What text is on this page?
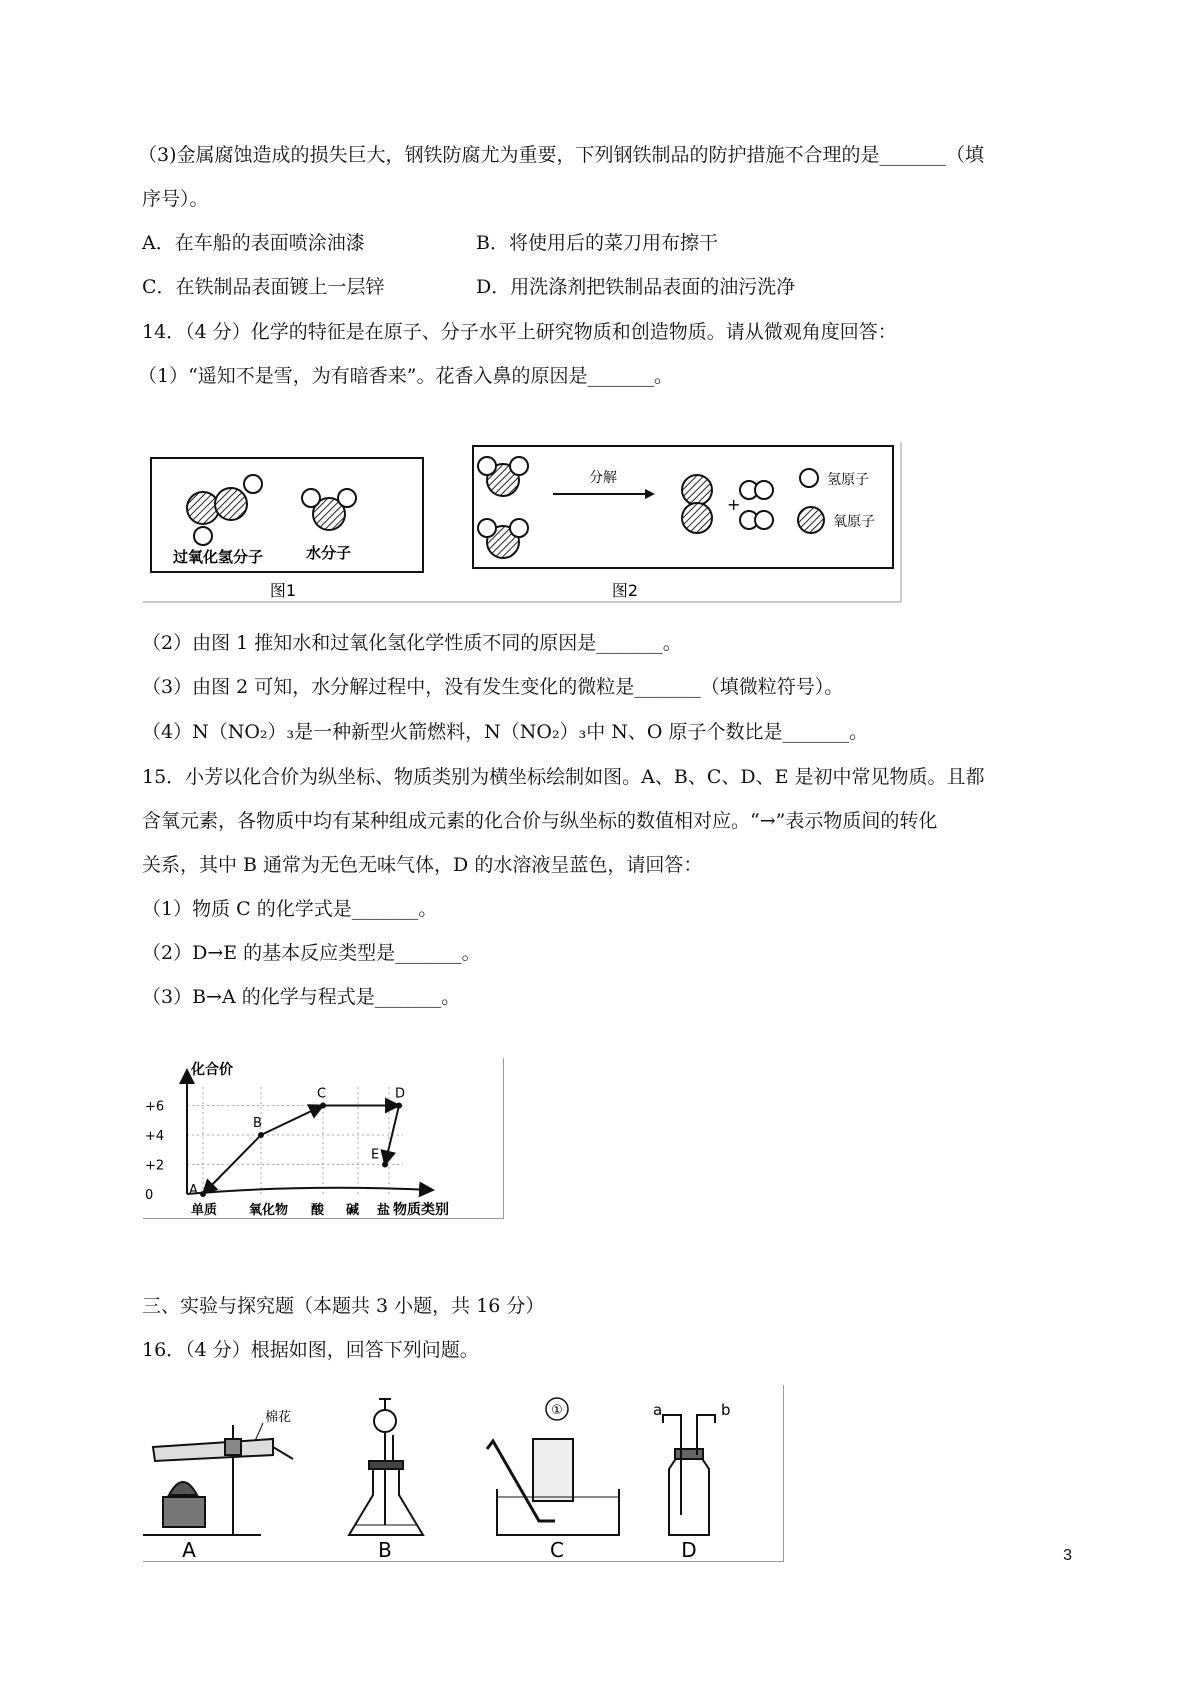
（3)金属腐蚀造成的损失巨大，钢铁防腐尤为重要，下列钢铁制品的防护措施不合理的是_______（填
序号）。
A．在车船的表面喷涂油漆	B．将使用后的菜刀用布擦干
C．在铁制品表面镀上一层锌	D．用洗涤剂把铁制品表面的油污洗净
14．（4 分）化学的特征是在原子、分子水平上研究物质和创造物质。请从微观角度回答：
（1）“遥知不是雪，为有暗香来”。花香入鼻的原因是_______。
过氧化氢分子	水分子
图1
分解
+
氢原子
氧原子
图2
（2）由图 1 推知水和过氧化氢化学性质不同的原因是_______。
（3）由图 2 可知，水分解过程中，没有发生变化的微粒是_______（填微粒符号）。
（4）N（NO₂）₃是一种新型火箭燃料，N（NO₂）₃中 N、O 原子个数比是_______。
15．小芳以化合价为纵坐标、物质类别为横坐标绘制如图。A、B、C、D、E 是初中常见物质。且都
含氧元素，各物质中均有某种组成元素的化合价与纵坐标的数值相对应。“→”表示物质间的转化
关系，其中 B 通常为无色无味气体，D 的水溶液呈蓝色，请回答：
（1）物质 C 的化学式是_______。
（2）D→E 的基本反应类型是_______。
（3）B→A 的化学与程式是_______。
化合价
物质类别
+6
+4
+2
0
单质 氧化物 酸 碱 盐
A
B
C	D
E
三、实验与探究题（本题共 3 小题，共 16 分）
16．（4 分）根据如图，回答下列问题。
棉花
A	B
①
C
a	b
D	3
